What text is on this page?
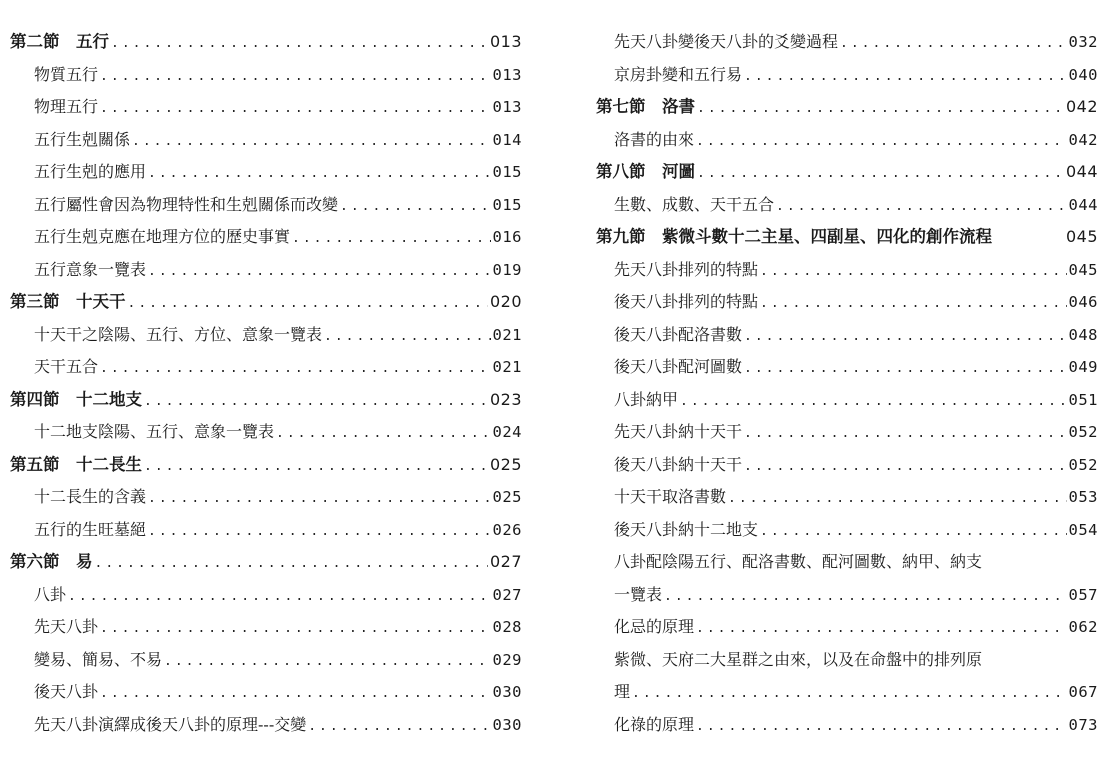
第二節　五行 .....	013
物質五行 .....	013
物理五行 .....	013
五行生剋關係 .....	014
五行生剋的應用 .....	015
五行屬性會因為物理特性和生剋關係而改變 .....	015
五行生剋克應在地理方位的歷史事實 .....	016
五行意象一覽表 .....	019
第三節　十天干 .....	020
十天干之陰陽、五行、方位、意象一覽表 .....	021
天干五合 .....	021
第四節　十二地支 .....	023
十二地支陰陽、五行、意象一覽表 .....	024
第五節　十二長生 .....	025
十二長生的含義 .....	025
五行的生旺墓絕 .....	026
第六節　易 .....	027
八卦 .....	027
先天八卦 .....	028
變易、簡易、不易 .....	029
後天八卦 .....	030
先天八卦演繹成後天八卦的原理---交變 .....	030
先天八卦變後天八卦的爻變過程 .....	032
京房卦變和五行易 .....	040
第七節　洛書 .....	042
洛書的由來 .....	042
第八節　河圖 .....	044
生數、成數、天干五合 .....	044
第九節　紫微斗數十二主星、四副星、四化的創作流程	045
先天八卦排列的特點 .....	045
後天八卦排列的特點 .....	046
後天八卦配洛書數 .....	048
後天八卦配河圖數 .....	049
八卦納甲 .....	051
先天八卦納十天干 .....	052
後天八卦納十天干 .....	052
十天干取洛書數 .....	053
後天八卦納十二地支 .....	054
八卦配陰陽五行、配洛書數、配河圖數、納甲、納支
一覽表 .....	057
化忌的原理 .....	062
紫微、天府二大星群之由來，以及在命盤中的排列原
理 .....	067
化祿的原理 .....	073
